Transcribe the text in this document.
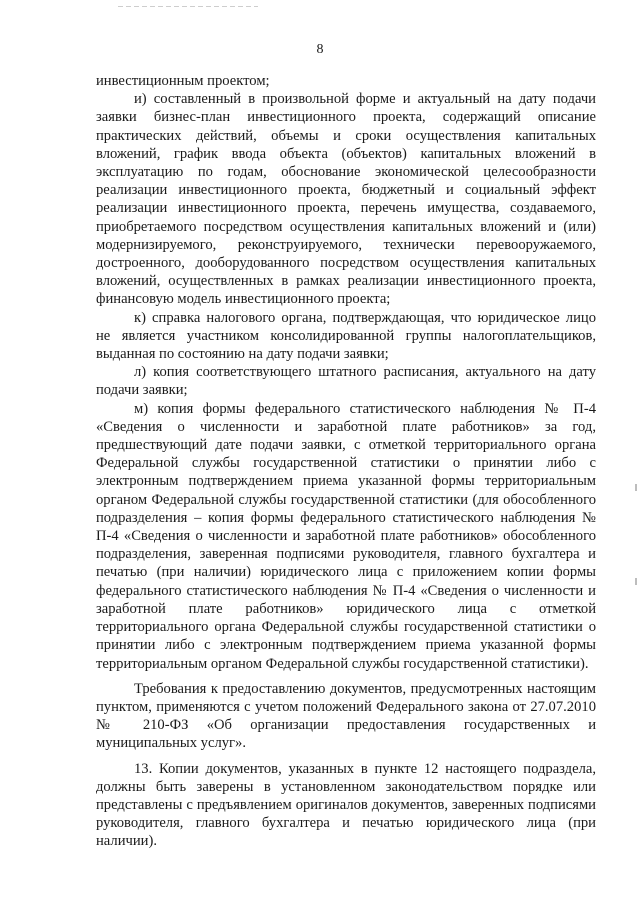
8

инвестиционным проектом;

и) составленный в произвольной форме и актуальный на дату подачи заявки бизнес-план инвестиционного проекта, содержащий описание практических действий, объемы и сроки осуществления капитальных вложений, график ввода объекта (объектов) капитальных вложений в эксплуатацию по годам, обоснование экономической целесообразности реализации инвестиционного проекта, бюджетный и социальный эффект реализации инвестиционного проекта, перечень имущества, создаваемого, приобретаемого посредством осуществления капитальных вложений и (или) модернизируемого, реконструируемого, технически перевооружаемого, достроенного, дооборудованного посредством осуществления капитальных вложений, осуществленных в рамках реализации инвестиционного проекта, финансовую модель инвестиционного проекта;

к) справка налогового органа, подтверждающая, что юридическое лицо не является участником консолидированной группы налогоплательщиков, выданная по состоянию на дату подачи заявки;

л) копия соответствующего штатного расписания, актуального на дату подачи заявки;

м) копия формы федерального статистического наблюдения № П-4 «Сведения о численности и заработной плате работников» за год, предшествующий дате подачи заявки, с отметкой территориального органа Федеральной службы государственной статистики о принятии либо с электронным подтверждением приема указанной формы территориальным органом Федеральной службы государственной статистики (для обособленного подразделения – копия формы федерального статистического наблюдения № П-4 «Сведения о численности и заработной плате работников» обособленного подразделения, заверенная подписями руководителя, главного бухгалтера и печатью (при наличии) юридического лица с приложением копии формы федерального статистического наблюдения № П-4 «Сведения о численности и заработной плате работников» юридического лица с отметкой территориального органа Федеральной службы государственной статистики о принятии либо с электронным подтверждением приема указанной формы территориальным органом Федеральной службы государственной статистики).

Требования к предоставлению документов, предусмотренных настоящим пунктом, применяются с учетом положений Федерального закона от 27.07.2010 № 210-ФЗ «Об организации предоставления государственных и муниципальных услуг».

13. Копии документов, указанных в пункте 12 настоящего подраздела, должны быть заверены в установленном законодательством порядке или представлены с предъявлением оригиналов документов, заверенных подписями руководителя, главного бухгалтера и печатью юридического лица (при наличии).
